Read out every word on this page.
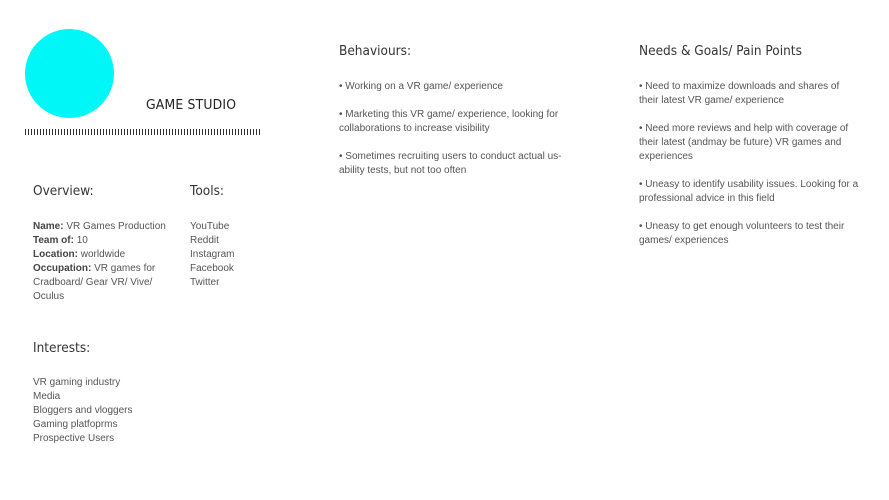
GAME STUDIO
Overview:

Name: VR Games Production

Team of: 10

Location: worldwide

Occupation: VR games for Cradboard/ Gear VR/ Vive/ Oculus

Tools:
YouTube
Reddit
Instagram
Facebook
Twitter
Interests:
VR gaming industry
Media
Bloggers and vloggers
Gaming platfoprms
Prospective Users
Behaviours:
• Working on a VR game/ experience
• Marketing this VR game/ experience, looking for collaborations to increase visibility
• Sometimes recruiting users to conduct actual us-ability tests, but not too often
Needs & Goals/ Pain Points
• Need to maximize downloads and shares of their latest VR game/ experience
• Need more reviews and help with coverage of their latest (andmay be future) VR games and experiences
• Uneasy to identify usability issues. Looking for a professional advice in this field
• Uneasy to get enough volunteers to test their games/ experiences
